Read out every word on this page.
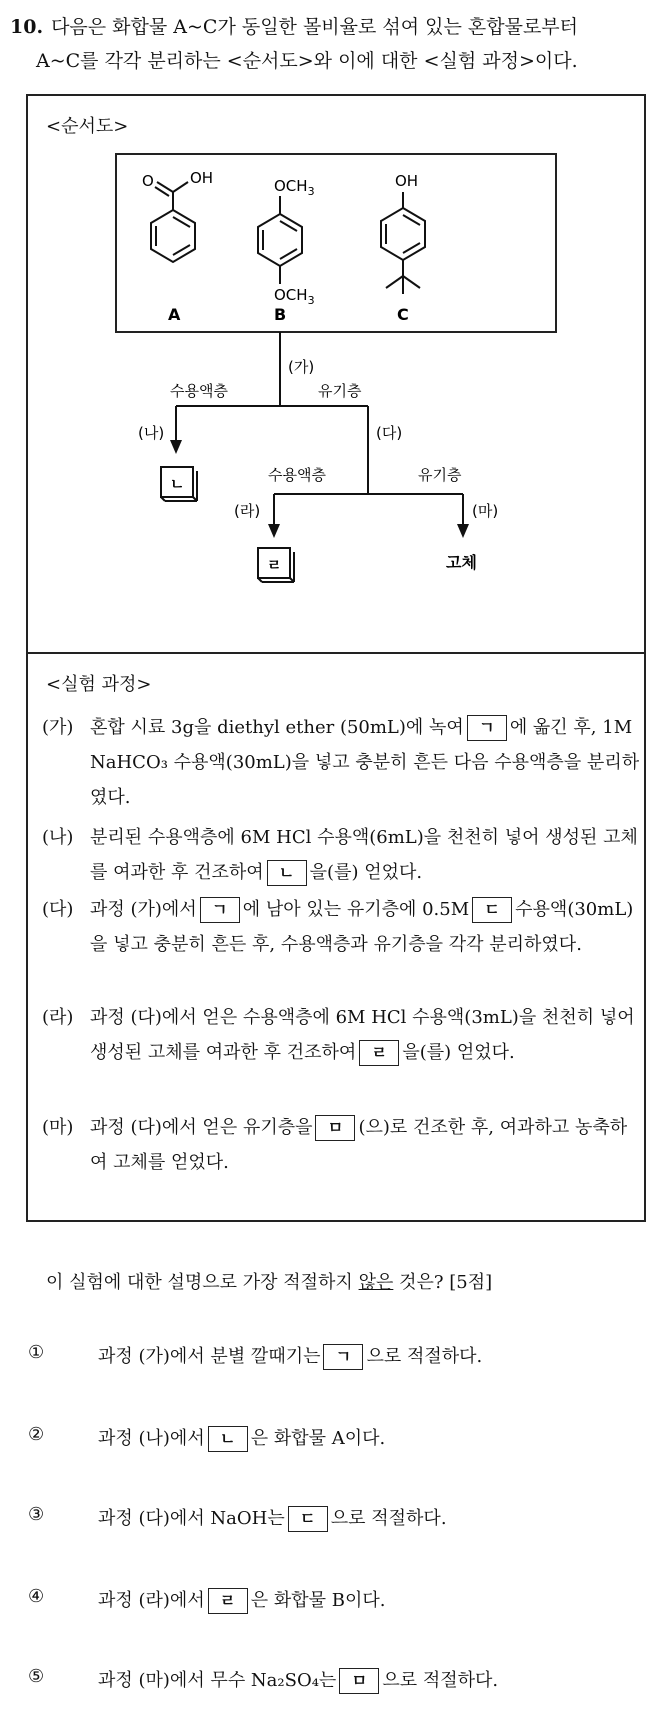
10. 다음은 화합물 A~C가 동일한 몰비율로 섞여 있는 혼합물로부터
A~C를 각각 분리하는 <순서도>와 이에 대한 <실험 과정>이다.
<순서도>
OH
O
A
$OCH_3$
$OCH_3$
B
OH
C
(가)
수용액층	유기층
(나)	(다)
수용액층	유기층
(라)	(마)
ㄴ
ㄹ	고체
<실험 과정>
(가) 혼합 시료 3g을 diethyl ether (50mL)에 녹여 ㄱ 에 옮긴 후, 1M NaHCO₃ 수용액(30mL)을 넣고 충분히 흔든 다음 수용액층을 분리하였다.
(나) 분리된 수용액층에 6M HCl 수용액(6mL)을 천천히 넣어 생성된 고체를 여과한 후 건조하여 ㄴ 을(를) 얻었다.
(다) 과정 (가)에서 ㄱ 에 남아 있는 유기층에 0.5M ㄷ 수용액(30mL)을 넣고 충분히 흔든 후, 수용액층과 유기층을 각각 분리하였다.
(라) 과정 (다)에서 얻은 수용액층에 6M HCl 수용액(3mL)을 천천히 넣어 생성된 고체를 여과한 후 건조하여 ㄹ 을(를) 얻었다.
(마) 과정 (다)에서 얻은 유기층을 ㅁ (으)로 건조한 후, 여과하고 농축하여 고체를 얻었다.
이 실험에 대한 설명으로 가장 적절하지 않은 것은? [5점]
①	과정 (가)에서 분별 깔때기는 ㄱ 으로 적절하다.
②	과정 (나)에서 ㄴ 은 화합물 A이다.
③	과정 (다)에서 NaOH는 ㄷ 으로 적절하다.
④	과정 (라)에서 ㄹ 은 화합물 B이다.
⑤	과정 (마)에서 무수 Na₂SO₄는 ㅁ 으로 적절하다.
